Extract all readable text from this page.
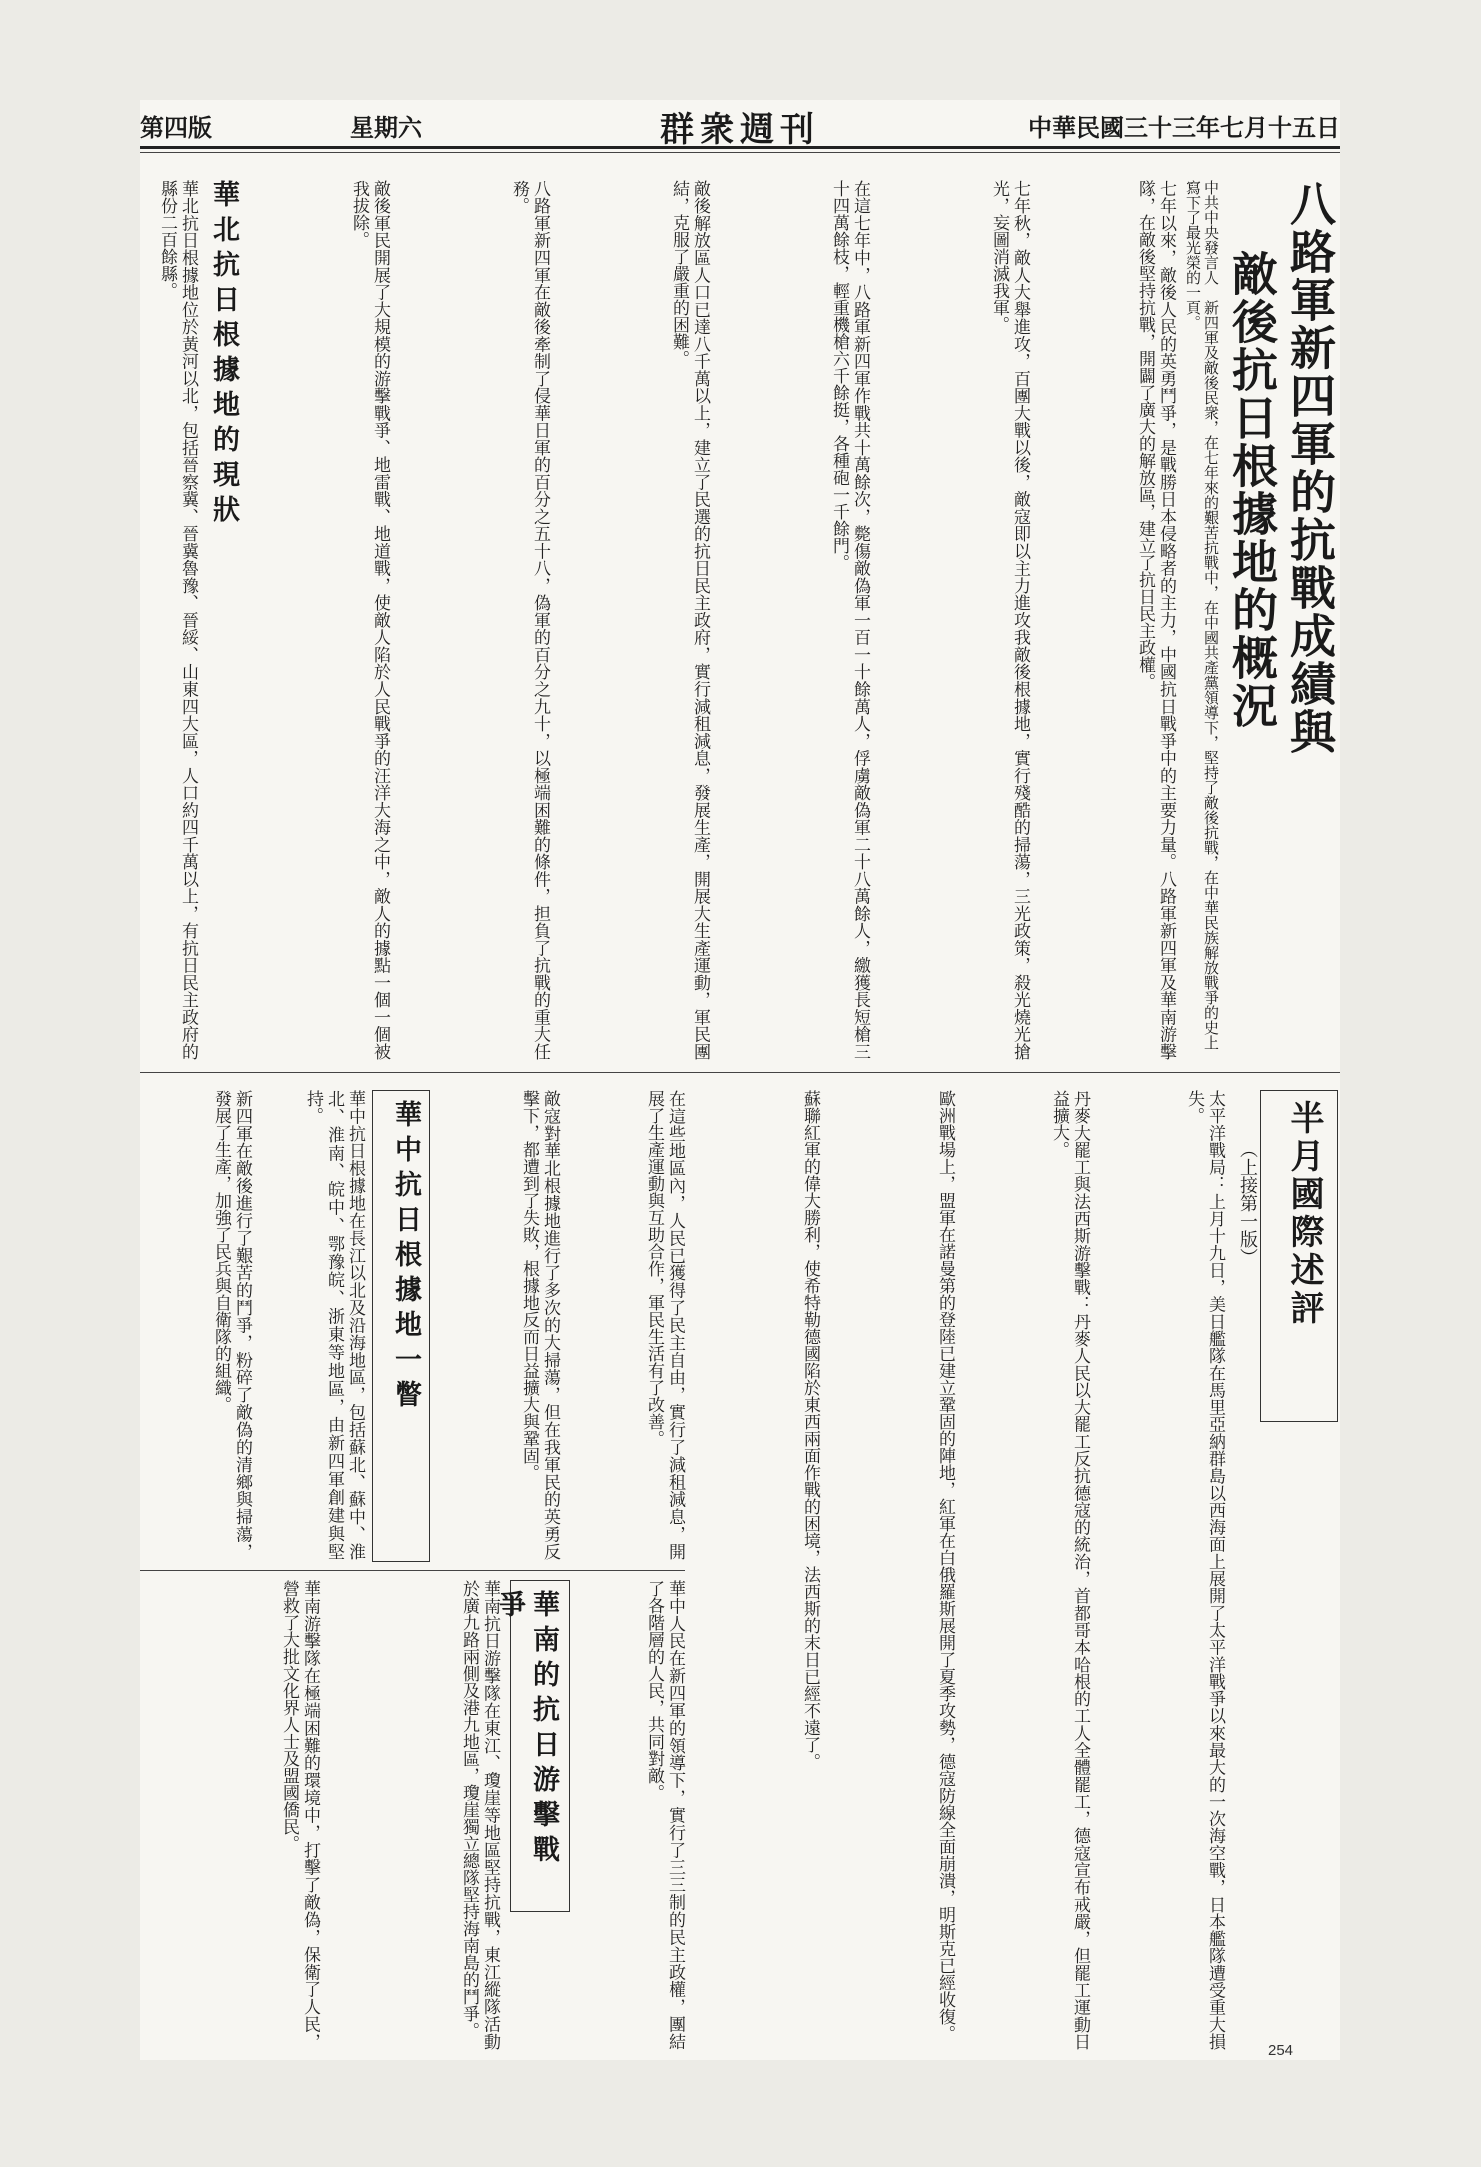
第四版	星期六	群衆週刊	中華民國三十三年七月十五日
八路軍新四軍的抗戰成績與
敵後抗日根據地的概況
中共中央發言人　新四軍及敵後民衆，在七年來的艱苦抗戰中，在中國共產黨領導下，堅持了敵後抗戰，在中華民族解放戰爭的史上寫下了最光榮的一頁。
七年以來，敵後人民的英勇鬥爭，是戰勝日本侵略者的主力，中國抗日戰爭中的主要力量。八路軍新四軍及華南游擊隊，在敵後堅持抗戰，開闢了廣大的解放區，建立了抗日民主政權。
七年秋，敵人大舉進攻，百團大戰以後，敵寇即以主力進攻我敵後根據地，實行殘酷的掃蕩，三光政策，殺光燒光搶光，妄圖消滅我軍。
在這七年中，八路軍新四軍作戰共十萬餘次，斃傷敵偽軍一百一十餘萬人，俘虜敵偽軍二十八萬餘人，繳獲長短槍三十四萬餘枝，輕重機槍六千餘挺，各種砲一千餘門。
敵後解放區人口已達八千萬以上，建立了民選的抗日民主政府，實行減租減息，發展生產，開展大生產運動，軍民團結，克服了嚴重的困難。
八路軍新四軍在敵後牽制了侵華日軍的百分之五十八，偽軍的百分之九十，以極端困難的條件，担負了抗戰的重大任務。
敵後軍民開展了大規模的游擊戰爭、地雷戰、地道戰，使敵人陷於人民戰爭的汪洋大海之中，敵人的據點一個一個被我拔除。
華北抗日根據地的現狀
華北抗日根據地位於黃河以北，包括晉察冀、晉冀魯豫、晉綏、山東四大區，人口約四千萬以上，有抗日民主政府的縣份二百餘縣。
半月國際述評
（上接第一版）
太平洋戰局：上月十九日，美日艦隊在馬里亞納群島以西海面上展開了太平洋戰爭以來最大的一次海空戰，日本艦隊遭受重大損失。
丹麥大罷工與法西斯游擊戰：丹麥人民以大罷工反抗德寇的統治，首都哥本哈根的工人全體罷工，德寇宣布戒嚴，但罷工運動日益擴大。
歐洲戰場上，盟軍在諾曼第的登陸已建立鞏固的陣地，紅軍在白俄羅斯展開了夏季攻勢，德寇防線全面崩潰，明斯克已經收復。
蘇聯紅軍的偉大勝利，使希特勒德國陷於東西兩面作戰的困境，法西斯的末日已經不遠了。
在這些地區內，人民已獲得了民主自由，實行了減租減息，開展了生產運動與互助合作，軍民生活有了改善。
敵寇對華北根據地進行了多次的大掃蕩，但在我軍民的英勇反擊下，都遭到了失敗，根據地反而日益擴大與鞏固。
華中抗日根據地一瞥
華中抗日根據地在長江以北及沿海地區，包括蘇北、蘇中、淮北、淮南、皖中、鄂豫皖、浙東等地區，由新四軍創建與堅持。
新四軍在敵後進行了艱苦的鬥爭，粉碎了敵偽的清鄉與掃蕩，發展了生產，加強了民兵與自衛隊的組織。
華中人民在新四軍的領導下，實行了三三制的民主政權，團結了各階層的人民，共同對敵。
華南的抗日游擊戰爭
華南抗日游擊隊在東江、瓊崖等地區堅持抗戰，東江縱隊活動於廣九路兩側及港九地區，瓊崖獨立總隊堅持海南島的鬥爭。
華南游擊隊在極端困難的環境中，打擊了敵偽，保衛了人民，營救了大批文化界人士及盟國僑民。
254
